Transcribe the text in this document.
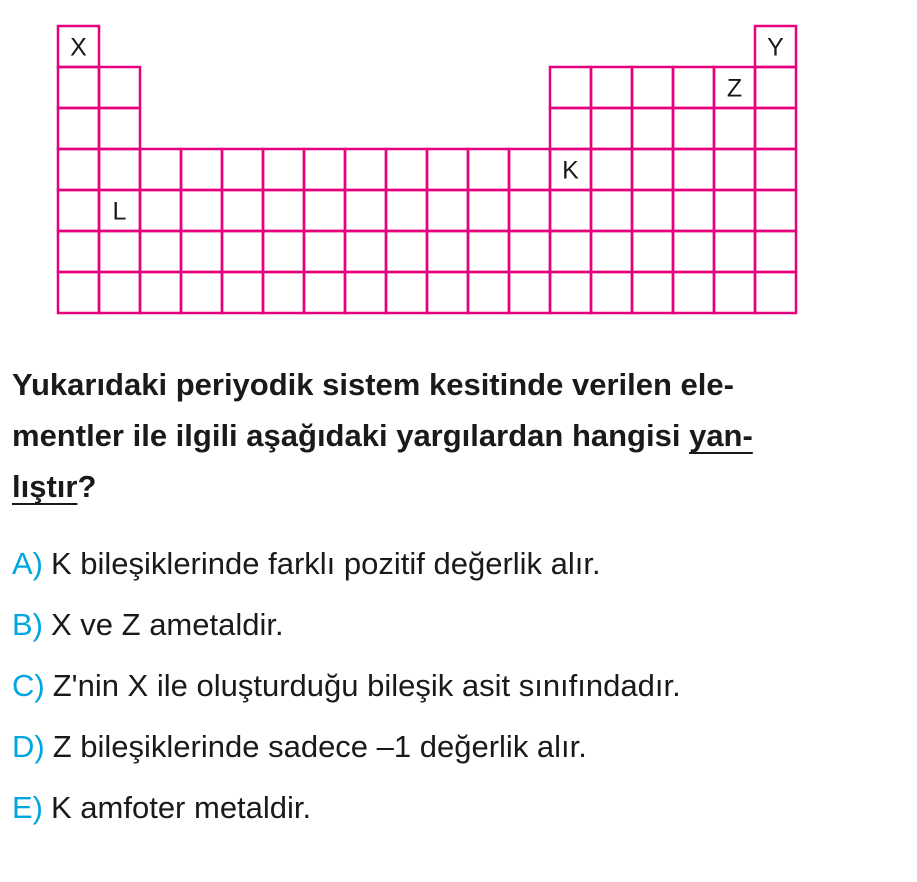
X	Y
Z
K
L
Yukarıdaki periyodik sistem kesitinde verilen ele-
mentler ile ilgili aşağıdaki yargılardan hangisi yan-
lıştır?
A) K bileşiklerinde farklı pozitif değerlik alır.
B) X ve Z ametaldir.
C) Z'nin X ile oluşturduğu bileşik asit sınıfındadır.
D) Z bileşiklerinde sadece –1 değerlik alır.
E) K amfoter metaldir.
